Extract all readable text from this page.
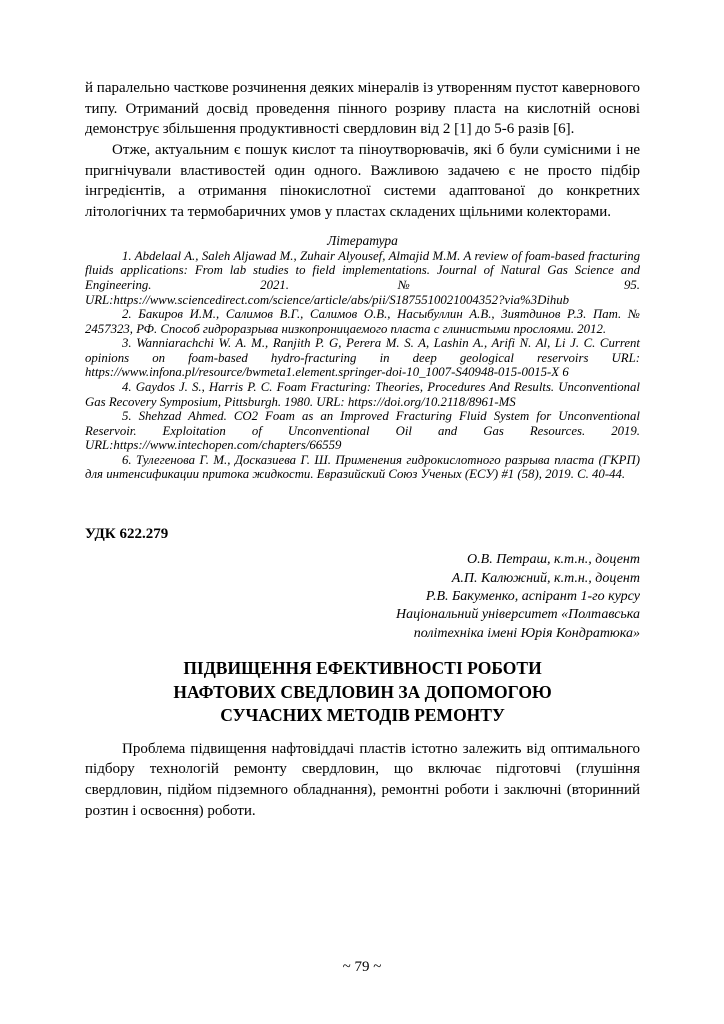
й паралельно часткове розчинення деяких мінералів із утворенням пустот кавернового типу. Отриманий досвід проведення пінного розриву пласта на кислотній основі демонструє збільшення продуктивності свердловин від 2 [1] до 5-6 разів [6].

Отже, актуальним є пошук кислот та піноутворювачів, які б були сумісними і не пригнічували властивостей один одного. Важливою задачею є не просто підбір інгредієнтів, а отримання пінокислотної системи адаптованої до конкретних літологічних та термобаричних умов у пластах складених щільними колекторами.

Література

1. Abdelaal A., Saleh Aljawad M., Zuhair Alyousef, Almajid M.M. A review of foam-based fracturing fluids applications: From lab studies to field implementations. Journal of Natural Gas Science and Engineering. 2021. № 95. URL:https://www.sciencedirect.com/science/article/abs/pii/S1875510021004352?via%3Dihub

2. Бакиров И.М., Салимов В.Г., Салимов О.В., Насыбуллин А.В., Зиятдинов Р.З. Пат. № 2457323, РФ. Способ гидроразрыва низкопроницаемого пласта с глинистыми прослоями. 2012.

3. Wanniarachchi W. A. M., Ranjith P. G, Perera M. S. A, Lashin A., Arifi N. Al, Li J. C. Current opinions on foam-based hydro-fracturing in deep geological reservoirs URL: https://www.infona.pl/resource/bwmeta1.element.springer-doi-10_1007-S40948-015-0015-X 6

4. Gaydos J. S., Harris P. C. Foam Fracturing: Theories, Procedures And Results. Unconventional Gas Recovery Symposium, Pittsburgh. 1980. URL: https://doi.org/10.2118/8961-MS

5. Shehzad Ahmed. CO2 Foam as an Improved Fracturing Fluid System for Unconventional Reservoir. Exploitation of Unconventional Oil and Gas Resources. 2019. URL:https://www.intechopen.com/chapters/66559

6. Тулегенова Г. М., Досказиева Г. Ш. Применения гидрокислотного разрыва пласта (ГКРП) для интенсификации притока жидкости. Евразийский Союз Ученых (ЕСУ) #1 (58), 2019. С. 40-44.

УДК 622.279
О.В. Петраш, к.т.н., доцент
А.П. Калюжний, к.т.н., доцент
Р.В. Бакуменко, аспірант 1-го курсу
Національний університет «Полтавська політехніка імені Юрія Кондратюка»
ПІДВИЩЕННЯ ЕФЕКТИВНОСТІ РОБОТИ НАФТОВИХ СВЕДЛОВИН ЗА ДОПОМОГОЮ СУЧАСНИХ МЕТОДІВ РЕМОНТУ

Проблема підвищення нафтовіддачі пластів істотно залежить від оптимального підбору технологій ремонту свердловин, що включає підготовчі (глушіння свердловин, підйом підземного обладнання), ремонтні роботи і заключні (вторинний розтин і освоєння) роботи.

~ 79 ~
